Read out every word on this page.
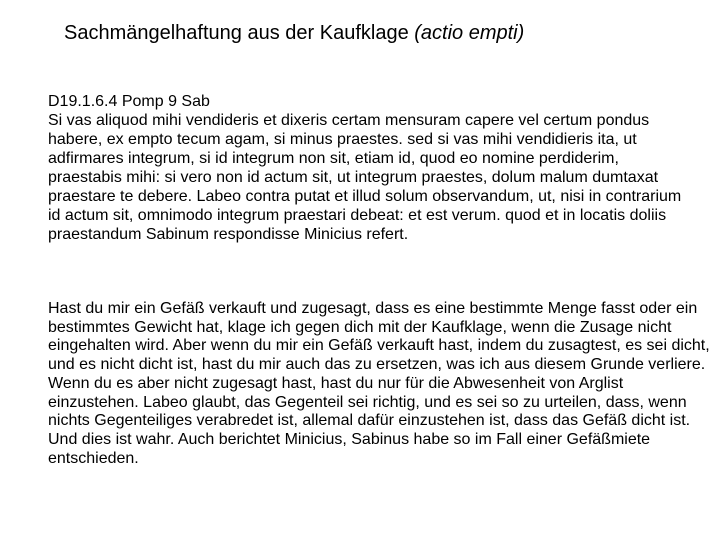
Sachmängelhaftung aus der Kaufklage (actio empti)

D19.1.6.4 Pomp 9 Sab

Si vas aliquod mihi vendideris et dixeris certam mensuram capere vel certum pondus habere, ex empto tecum agam, si minus praestes. sed si vas mihi vendidieris ita, ut adfirmares integrum, si id integrum non sit, etiam id, quod eo nomine perdiderim, praestabis mihi: si vero non id actum sit, ut integrum praestes, dolum malum dumtaxat praestare te debere. Labeo contra putat et illud solum observandum, ut, nisi in contrarium id actum sit, omnimodo integrum praestari debeat: et est verum. quod et in locatis doliis praestandum Sabinum respondisse Minicius refert.

Hast du mir ein Gefäß verkauft und zugesagt, dass es eine bestimmte Menge fasst oder ein bestimmtes Gewicht hat, klage ich gegen dich mit der Kaufklage, wenn die Zusage nicht eingehalten wird. Aber wenn du mir ein Gefäß verkauft hast, indem du zusagtest, es sei dicht, und es nicht dicht ist, hast du mir auch das zu ersetzen, was ich aus diesem Grunde verliere. Wenn du es aber nicht zugesagt hast, hast du nur für die Abwesenheit von Arglist einzustehen. Labeo glaubt, das Gegenteil sei richtig, und es sei so zu urteilen, dass, wenn nichts Gegenteiliges verabredet ist, allemal dafür einzustehen ist, dass das Gefäß dicht ist. Und dies ist wahr. Auch berichtet Minicius, Sabinus habe so im Fall einer Gefäßmiete entschieden.
